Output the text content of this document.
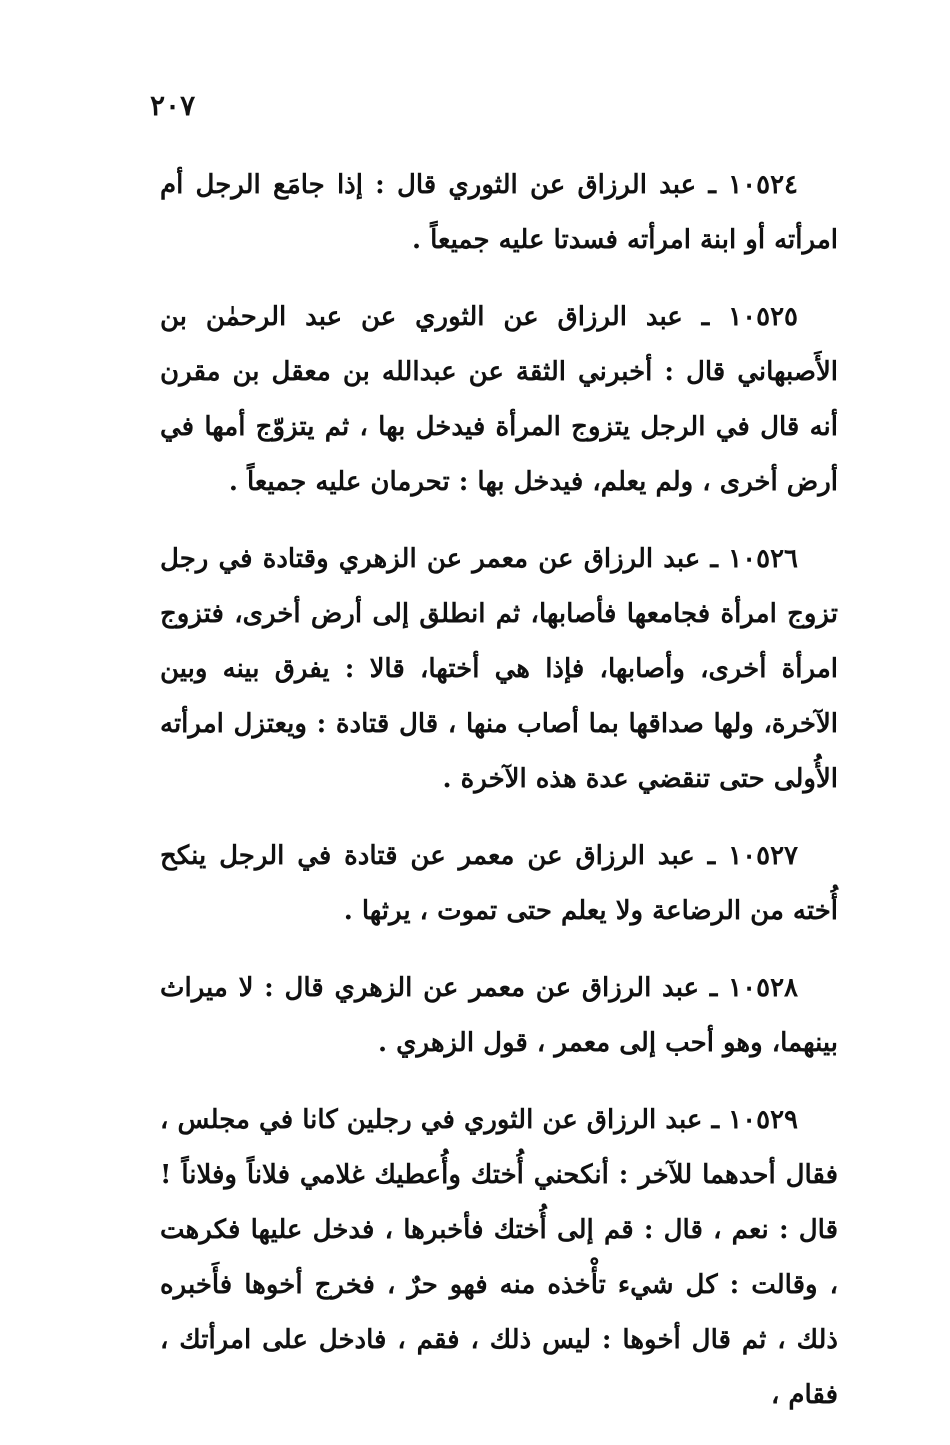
٢٠٧

١٠٥٢٤ ـ عبد الرزاق عن الثوري قال : إذا جامَع الرجل أم امرأته أو ابنة امرأته فسدتا عليه جميعاً .

١٠٥٢٥ ـ عبد الرزاق عن الثوري عن عبد الرحمٰن بن الأَصبهاني قال : أخبرني الثقة عن عبدالله بن معقل بن مقرن أنه قال في الرجل يتزوج المرأة فيدخل بها ، ثم يتزوّج أمها في أرض أخرى ، ولم يعلم، فيدخل بها : تحرمان عليه جميعاً .

١٠٥٢٦ ـ عبد الرزاق عن معمر عن الزهري وقتادة في رجل تزوج امرأة فجامعها فأصابها، ثم انطلق إلى أرض أخرى، فتزوج امرأة أخرى، وأصابها، فإذا هي أختها، قالا : يفرق بينه وبين الآخرة، ولها صداقها بما أصاب منها ، قال قتادة : ويعتزل امرأته الأُولى حتى تنقضي عدة هذه الآخرة .

١٠٥٢٧ ـ عبد الرزاق عن معمر عن قتادة في الرجل ينكح أُخته من الرضاعة ولا يعلم حتى تموت ، يرثها .

١٠٥٢٨ ـ عبد الرزاق عن معمر عن الزهري قال : لا ميراث بينهما، وهو أحب إلى معمر ، قول الزهري .

١٠٥٢٩ ـ عبد الرزاق عن الثوري في رجلين كانا في مجلس ، فقال أحدهما للآخر : أنكحني أُختك وأُعطيك غلامي فلاناً وفلاناً ! قال : نعم ، قال : قم إلى أُختك فأخبرها ، فدخل عليها فكرهت ، وقالت : كل شيء تأْخذه منه فهو حرٌ ، فخرج أخوها فأَخبره ذلك ، ثم قال أخوها : ليس ذلك ، فقم ، فادخل على امرأتك ، فقام ،
